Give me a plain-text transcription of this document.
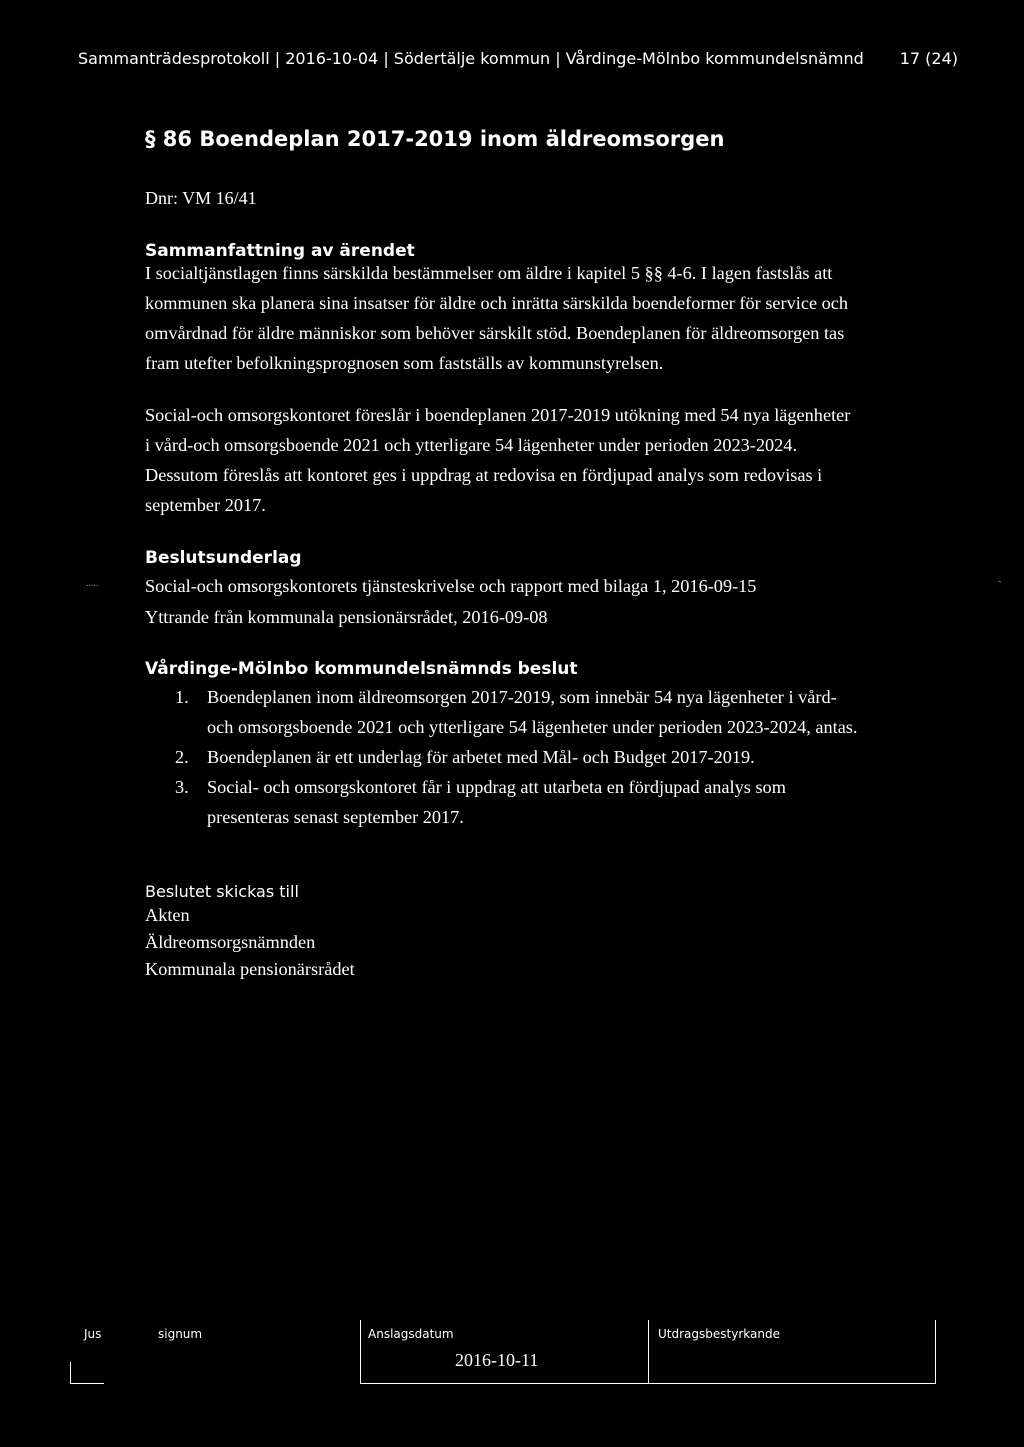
Sammanträdesprotokoll | 2016-10-04 | Södertälje kommun | Vårdinge-Mölnbo kommundelsnämnd 17 (24)
§ 86 Boendeplan 2017-2019 inom äldreomsorgen
Dnr: VM 16/41
Sammanfattning av ärendet

I socialtjänstlagen finns särskilda bestämmelser om äldre i kapitel 5 §§ 4-6. I lagen fastslås att

kommunen ska planera sina insatser för äldre och inrätta särskilda boendeformer för service och

omvårdnad för äldre människor som behöver särskilt stöd. Boendeplanen för äldreomsorgen tas

fram utefter befolkningsprognosen som fastställs av kommunstyrelsen.

Social-och omsorgskontoret föreslår i boendeplanen 2017-2019 utökning med 54 nya lägenheter

i vård-och omsorgsboende 2021 och ytterligare 54 lägenheter under perioden 2023-2024.

Dessutom föreslås att kontoret ges i uppdrag at redovisa en fördjupad analys som redovisas i

september 2017.

Beslutsunderlag
.....	-

Social-och omsorgskontorets tjänsteskrivelse och rapport med bilaga 1, 2016-09-15

Yttrande från kommunala pensionärsrådet, 2016-09-08

Vårdinge-Mölnbo kommundelsnämnds beslut
1. Boendeplanen inom äldreomsorgen 2017-2019, som innebär 54 nya lägenheter i vård-
och omsorgsboende 2021 och ytterligare 54 lägenheter under perioden 2023-2024, antas.
2. Boendeplanen är ett underlag för arbetet med Mål- och Budget 2017-2019.
3. Social- och omsorgskontoret får i uppdrag att utarbeta en fördjupad analys som
presenteras senast september 2017.
Beslutet skickas till

Akten

Äldreomsorgsnämnden

Kommunala pensionärsrådet

Jus	signum	Anslagsdatum
2016-10-11
Utdragsbestyrkande
